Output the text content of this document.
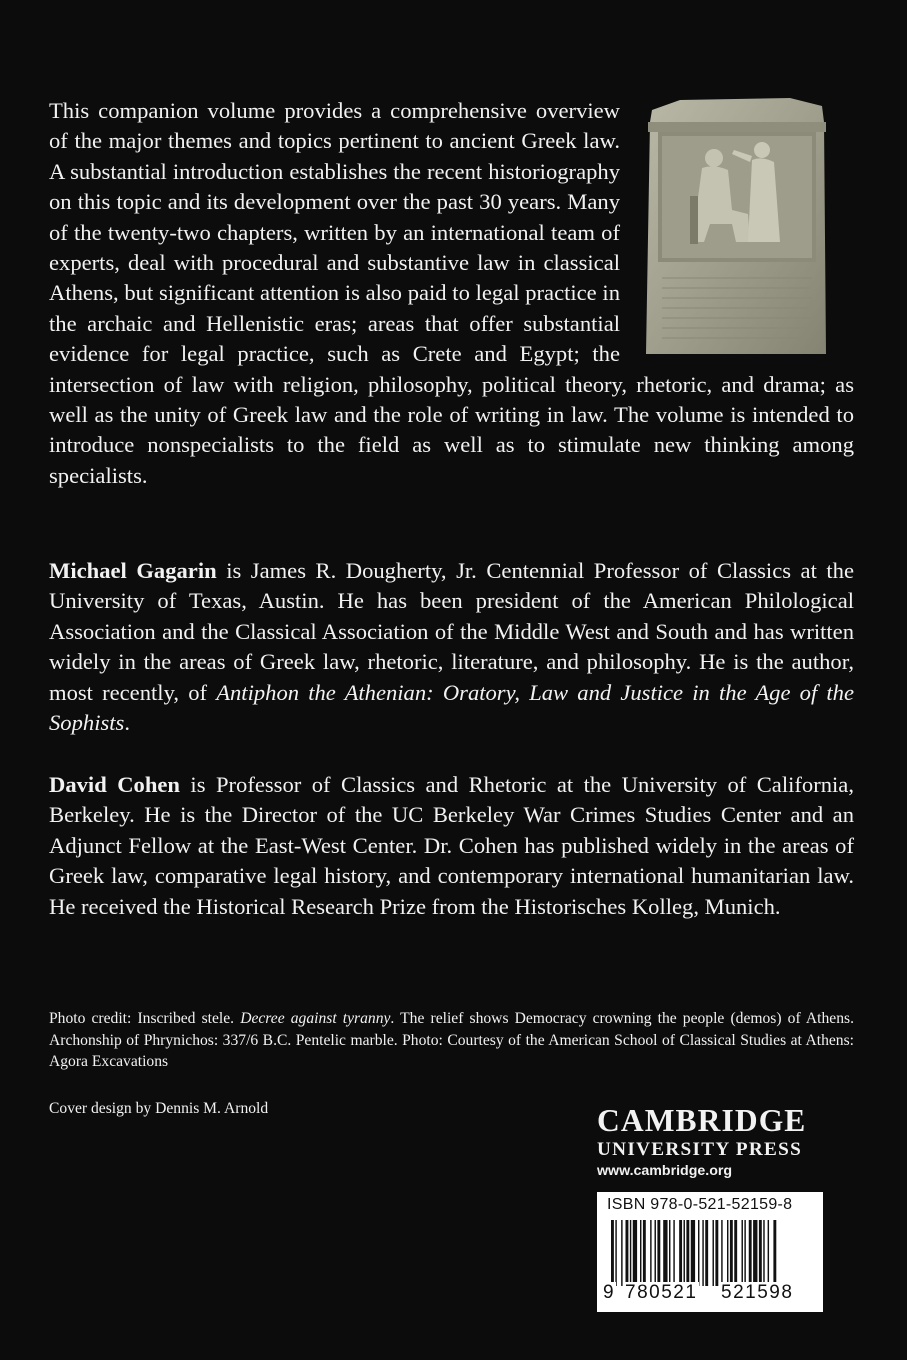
This companion volume provides a comprehensive overview of the major themes and topics pertinent to ancient Greek law. A substantial introduction establishes the recent historiography on this topic and its development over the past 30 years. Many of the twenty-two chapters, written by an international team of experts, deal with procedural and substantive law in classical Athens, but significant attention is also paid to legal practice in the archaic and Hellenistic eras; areas that offer substantial evidence for legal practice, such as Crete and Egypt; the intersection of law with religion, philosophy, political theory, rhetoric, and drama; as well as the unity of Greek law and the role of writing in law. The volume is intended to introduce nonspecialists to the field as well as to stimulate new thinking among specialists.

Michael Gagarin is James R. Dougherty, Jr. Centennial Professor of Classics at the University of Texas, Austin. He has been president of the American Philological Association and the Classical Association of the Middle West and South and has written widely in the areas of Greek law, rhetoric, literature, and philosophy. He is the author, most recently, of Antiphon the Athenian: Oratory, Law and Justice in the Age of the Sophists.

David Cohen is Professor of Classics and Rhetoric at the University of California, Berkeley. He is the Director of the UC Berkeley War Crimes Studies Center and an Adjunct Fellow at the East-West Center. Dr. Cohen has published widely in the areas of Greek law, comparative legal history, and contemporary international humanitarian law. He received the Historical Research Prize from the Historisches Kolleg, Munich.

Photo credit: Inscribed stele. Decree against tyranny. The relief shows Democracy crowning the people (demos) of Athens. Archonship of Phrynichos: 337/6 B.C. Pentelic marble. Photo: Courtesy of the American School of Classical Studies at Athens: Agora Excavations

Cover design by Dennis M. Arnold	CAMBRIDGE
UNIVERSITY PRESS
www.cambridge.org
ISBN 978-0-521-52159-8
9 780521 521598
